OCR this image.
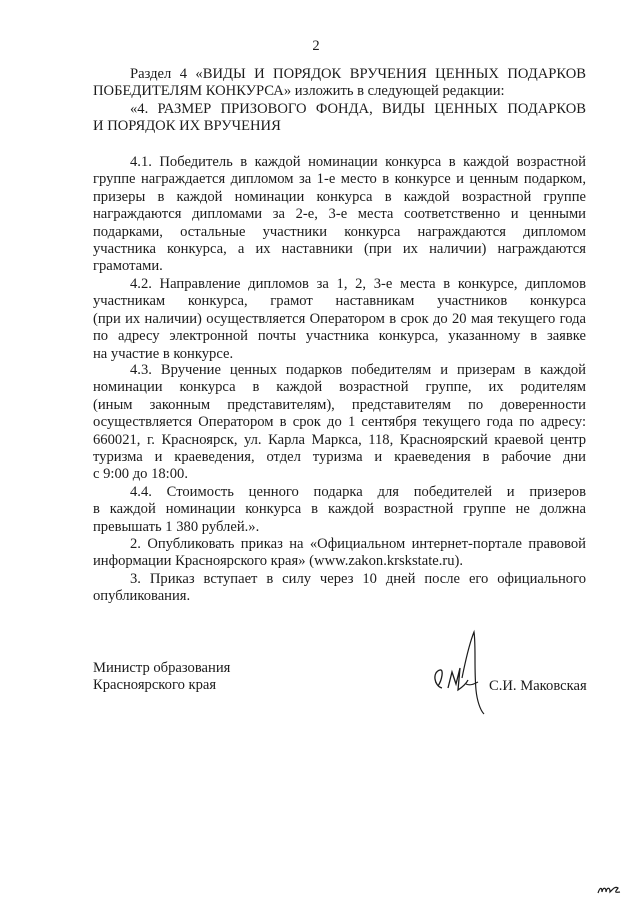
2
Раздел 4 «ВИДЫ И ПОРЯДОК ВРУЧЕНИЯ ЦЕННЫХ ПОДАРКОВ
ПОБЕДИТЕЛЯМ КОНКУРСА» изложить в следующей редакции:
«4. РАЗМЕР ПРИЗОВОГО ФОНДА, ВИДЫ ЦЕННЫХ ПОДАРКОВ
И ПОРЯДОК ИХ ВРУЧЕНИЯ
4.1. Победитель в каждой номинации конкурса в каждой возрастной
группе награждается дипломом за 1-е место в конкурсе и ценным подарком,
призеры в каждой номинации конкурса в каждой возрастной группе
награждаются дипломами за 2-е, 3-е места соответственно и ценными
подарками, остальные участники конкурса награждаются дипломом
участника конкурса, а их наставники (при их наличии) награждаются
грамотами.
4.2. Направление дипломов за 1, 2, 3-е места в конкурсе, дипломов
участникам конкурса, грамот наставникам участников конкурса
(при их наличии) осуществляется Оператором в срок до 20 мая текущего года
по адресу электронной почты участника конкурса, указанному в заявке
на участие в конкурсе.
4.3. Вручение ценных подарков победителям и призерам в каждой
номинации конкурса в каждой возрастной группе, их родителям
(иным законным представителям), представителям по доверенности
осуществляется Оператором в срок до 1 сентября текущего года по адресу:
660021, г. Красноярск, ул. Карла Маркса, 118, Красноярский краевой центр
туризма и краеведения, отдел туризма и краеведения в рабочие дни
с 9:00 до 18:00.
4.4. Стоимость ценного подарка для победителей и призеров
в каждой номинации конкурса в каждой возрастной группе не должна
превышать 1 380 рублей.».
2. Опубликовать приказ на «Официальном интернет-портале правовой
информации Красноярского края» (www.zakon.krskstate.ru).
3. Приказ вступает в силу через 10 дней после его официального
опубликования.
Министр образования
Красноярского края	С.И. Маковская
